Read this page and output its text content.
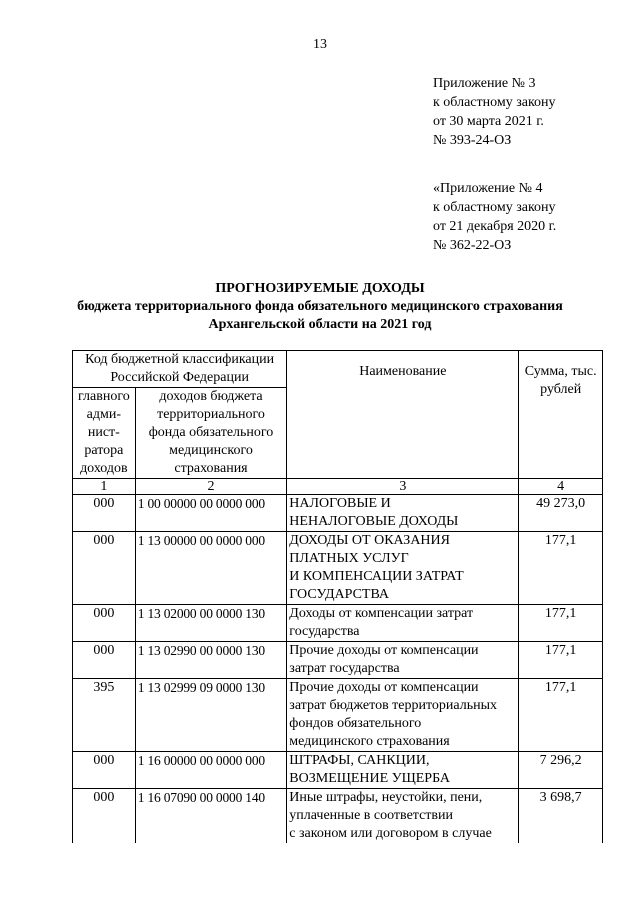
13
Приложение № 3
к областному закону
от 30 марта 2021 г.
№ 393-24-ОЗ
«Приложение № 4
к областному закону
от 21 декабря 2020 г.
№ 362-22-ОЗ
ПРОГНОЗИРУЕМЫЕ ДОХОДЫ
бюджета территориального фонда обязательного медицинского страхования
Архангельской области на 2021 год
Код бюджетной классификации Российской Федерации		Наименование	Сумма, тыс. рублей
главного адми-нист-ратора доходов	доходов бюджета территориального фонда обязательного медицинского страхования		
1	2	3	4
000	1 00 00000 00 0000 000	НАЛОГОВЫЕ И
НЕНАЛОГОВЫЕ ДОХОДЫ	49 273,0
000	1 13 00000 00 0000 000	ДОХОДЫ ОТ ОКАЗАНИЯ
ПЛАТНЫХ УСЛУГ
И КОМПЕНСАЦИИ ЗАТРАТ
ГОСУДАРСТВА	177,1
000	1 13 02000 00 0000 130	Доходы от компенсации затрат
государства	177,1
000	1 13 02990 00 0000 130	Прочие доходы от компенсации
затрат государства	177,1
395	1 13 02999 09 0000 130	Прочие доходы от компенсации
затрат бюджетов территориальных
фондов обязательного
медицинского страхования	177,1
000	1 16 00000 00 0000 000	ШТРАФЫ, САНКЦИИ,
ВОЗМЕЩЕНИЕ УЩЕРБА	7 296,2
000	1 16 07090 00 0000 140	Иные штрафы, неустойки, пени,
уплаченные в соответствии
с законом или договором в случае	3 698,7
